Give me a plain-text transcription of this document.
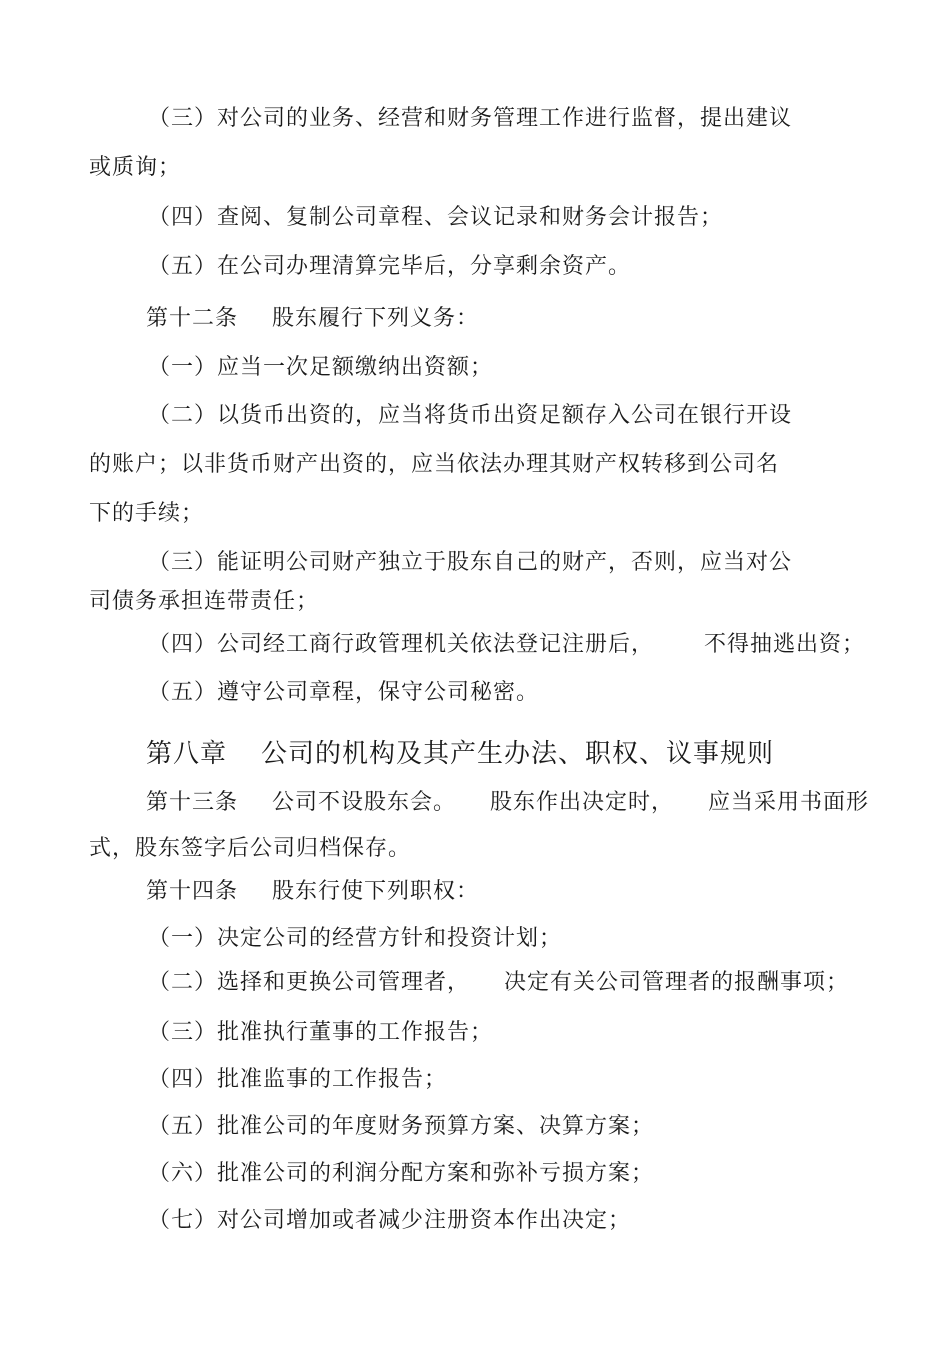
（三）对公司的业务、经营和财务管理工作进行监督，提出建议
或质询；
（四）查阅、复制公司章程、会议记录和财务会计报告；
（五）在公司办理清算完毕后，分享剩余资产。
第十二条 股东履行下列义务：
（一）应当一次足额缴纳出资额；
（二）以货币出资的，应当将货币出资足额存入公司在银行开设
的账户；以非货币财产出资的，应当依法办理其财产权转移到公司名
下的手续；
（三）能证明公司财产独立于股东自己的财产，否则，应当对公
司债务承担连带责任；
（四）公司经工商行政管理机关依法登记注册后， 不得抽逃出资；
（五）遵守公司章程，保守公司秘密。
第八章 公司的机构及其产生办法、职权、议事规则
第十三条 公司不设股东会。 股东作出决定时， 应当采用书面形
式，股东签字后公司归档保存。
第十四条 股东行使下列职权：
（一）决定公司的经营方针和投资计划；
（二）选择和更换公司管理者， 决定有关公司管理者的报酬事项；
（三）批准执行董事的工作报告；
（四）批准监事的工作报告；
（五）批准公司的年度财务预算方案、决算方案；
（六）批准公司的利润分配方案和弥补亏损方案；
（七）对公司增加或者减少注册资本作出决定；
